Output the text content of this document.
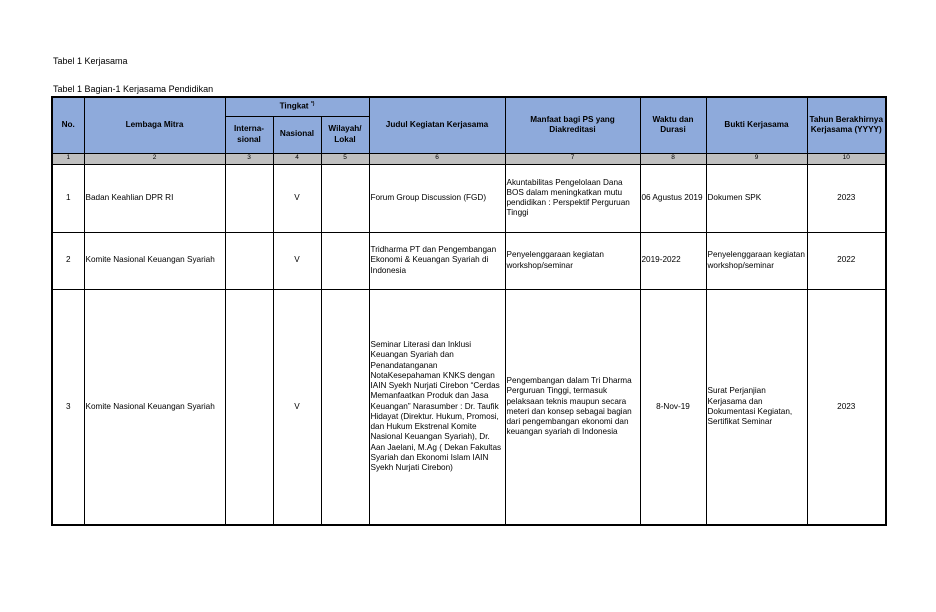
Tabel 1 Kerjasama
Tabel 1 Bagian-1 Kerjasama Pendidikan
No.	Lembaga Mitra	Tingkat *)			Judul Kegiatan Kerjasama	Manfaat bagi PS yang Diakreditasi	Waktu dan Durasi	Bukti Kerjasama	Tahun Berakhirnya Kerjasama (YYYY)
		Interna-sional	Nasional	Wilayah/ Lokal					
1	2	3	4	5	6	7	8	9	10
1	Badan Keahlian DPR RI		V		Forum Group Discussion (FGD)	Akuntabilitas Pengelolaan Dana BOS dalam meningkatkan mutu pendidikan : Perspektif Perguruan Tinggi	06 Agustus 2019	Dokumen SPK	2023
2	Komite Nasional Keuangan Syariah		V		Tridharma PT dan Pengembangan Ekonomi & Keuangan Syariah di Indonesia	Penyelenggaraan kegiatan workshop/seminar	2019-2022	Penyelenggaraan kegiatan workshop/seminar	2022
3	Komite Nasional Keuangan Syariah		V		Seminar Literasi dan Inklusi Keuangan Syariah dan Penandatanganan NotaKesepahaman KNKS dengan IAIN Syekh Nurjati Cirebon “Cerdas Memanfaatkan Produk dan Jasa Keuangan” Narasumber : Dr. Taufik Hidayat (Direktur. Hukum, Promosi, dan Hukum Ekstrenal Komite Nasional Keuangan Syariah), Dr. Aan Jaelani, M.Ag ( Dekan Fakultas Syariah dan Ekonomi Islam IAIN Syekh Nurjati Cirebon)	Pengembangan dalam Tri Dharma Perguruan Tinggi, termasuk pelaksaan teknis maupun secara meteri dan konsep sebagai bagian dari pengembangan ekonomi dan keuangan syariah di Indonesia	8-Nov-19	Surat Perjanjian Kerjasama dan Dokumentasi Kegiatan, Sertifikat Seminar	2023
